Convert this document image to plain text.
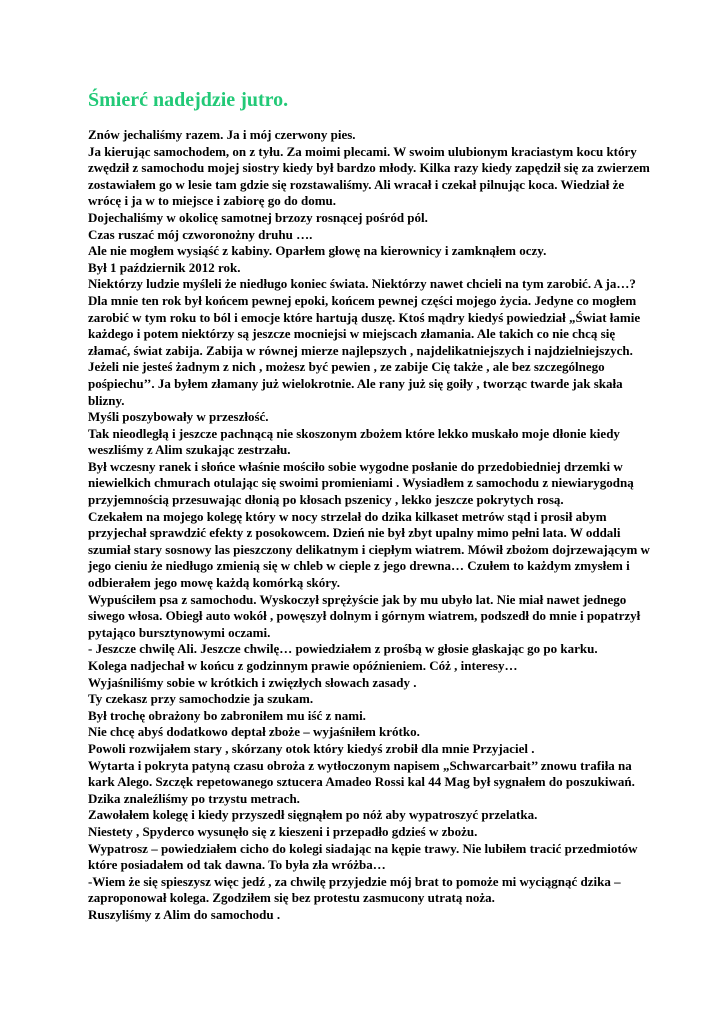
Śmierć nadejdzie jutro.
Znów jechaliśmy razem. Ja i mój czerwony pies.
Ja kierując samochodem, on z tyłu. Za moimi plecami. W swoim ulubionym kraciastym kocu który
zwędził z samochodu mojej siostry kiedy był bardzo młody. Kilka razy kiedy zapędził się za zwierzem
zostawiałem go w lesie tam gdzie się rozstawaliśmy. Ali wracał i czekał pilnując koca. Wiedział że
wrócę i ja w to miejsce i zabiorę go do domu.
Dojechaliśmy w okolicę samotnej brzozy rosnącej pośród pól.
Czas ruszać mój czworonożny druhu ….
Ale nie mogłem wysiąść z kabiny. Oparłem głowę na kierownicy i zamknąłem oczy.
Był 1 październik 2012 rok.
Niektórzy ludzie myśleli że niedługo koniec świata. Niektórzy nawet chcieli na tym zarobić. A ja…?
Dla mnie ten rok był końcem pewnej epoki, końcem pewnej części mojego życia. Jedyne co mogłem
zarobić w tym roku to ból i emocje które hartują duszę. Ktoś mądry kiedyś powiedział „Świat łamie
każdego i potem niektórzy są jeszcze mocniejsi w miejscach złamania. Ale takich co nie chcą się
złamać, świat zabija. Zabija w równej mierze najlepszych , najdelikatniejszych i najdzielniejszych.
Jeżeli nie jesteś żadnym z nich , możesz być pewien , ze zabije Cię także , ale bez szczególnego
pośpiechu’’. Ja byłem złamany już wielokrotnie. Ale rany już się goiły , tworząc twarde jak skała
blizny.
Myśli poszybowały w przeszłość.
Tak nieodległą i jeszcze pachnącą nie skoszonym zbożem które lekko muskało moje dłonie kiedy
weszliśmy z Alim szukając zestrzału.
Był wczesny ranek i słońce właśnie mościło sobie wygodne posłanie do przedobiedniej drzemki w
niewielkich chmurach otulając się swoimi promieniami . Wysiadłem z samochodu z niewiarygodną
przyjemnością przesuwając dłonią po kłosach pszenicy , lekko jeszcze pokrytych rosą.
Czekałem na mojego kolegę który w nocy strzelał do dzika kilkaset metrów stąd i prosił abym
przyjechał sprawdzić efekty z posokowcem. Dzień nie był zbyt upalny mimo pełni lata. W oddali
szumiał stary sosnowy las pieszczony delikatnym i ciepłym wiatrem. Mówił zbożom dojrzewającym w
jego cieniu że niedługo zmienią się w chleb w cieple z jego drewna… Czułem to każdym zmysłem i
odbierałem jego mowę każdą komórką skóry.
Wypuściłem psa z samochodu. Wyskoczył sprężyście jak by mu ubyło lat. Nie miał nawet jednego
siwego włosa. Obiegł auto wokół , powęszył dolnym i górnym wiatrem, podszedł do mnie i popatrzył
pytająco bursztynowymi oczami.
- Jeszcze chwilę Ali. Jeszcze chwilę… powiedziałem z prośbą w głosie głaskając go po karku.
Kolega nadjechał w końcu z godzinnym prawie opóźnieniem. Cóż , interesy…
Wyjaśniliśmy sobie w krótkich i zwięzłych słowach zasady .
Ty czekasz przy samochodzie ja szukam.
Był trochę obrażony bo zabroniłem mu iść z nami.
Nie chcę abyś dodatkowo deptał zboże – wyjaśniłem krótko.
Powoli rozwijałem stary , skórzany otok który kiedyś zrobił dla mnie Przyjaciel .
Wytarta i pokryta patyną czasu obroża z wytłoczonym napisem „Schwarcarbait’’ znowu trafiła na
kark Alego. Szczęk repetowanego sztucera Amadeo Rossi kal 44 Mag był sygnałem do poszukiwań.
Dzika znaleźliśmy po trzystu metrach.
Zawołałem kolegę i kiedy przyszedł sięgnąłem po nóż aby wypatroszyć przelatka.
Niestety , Spyderco wysunęło się z kieszeni i przepadło gdzieś w zbożu.
Wypatrosz – powiedziałem cicho do kolegi siadając na kępie trawy. Nie lubiłem tracić przedmiotów
które posiadałem od tak dawna. To była zła wróżba…
-Wiem że się spieszysz więc jedź , za chwilę przyjedzie mój brat to pomoże mi wyciągnąć dzika –
zaproponował kolega. Zgodziłem się bez protestu zasmucony utratą noża.
Ruszyliśmy z Alim do samochodu .
